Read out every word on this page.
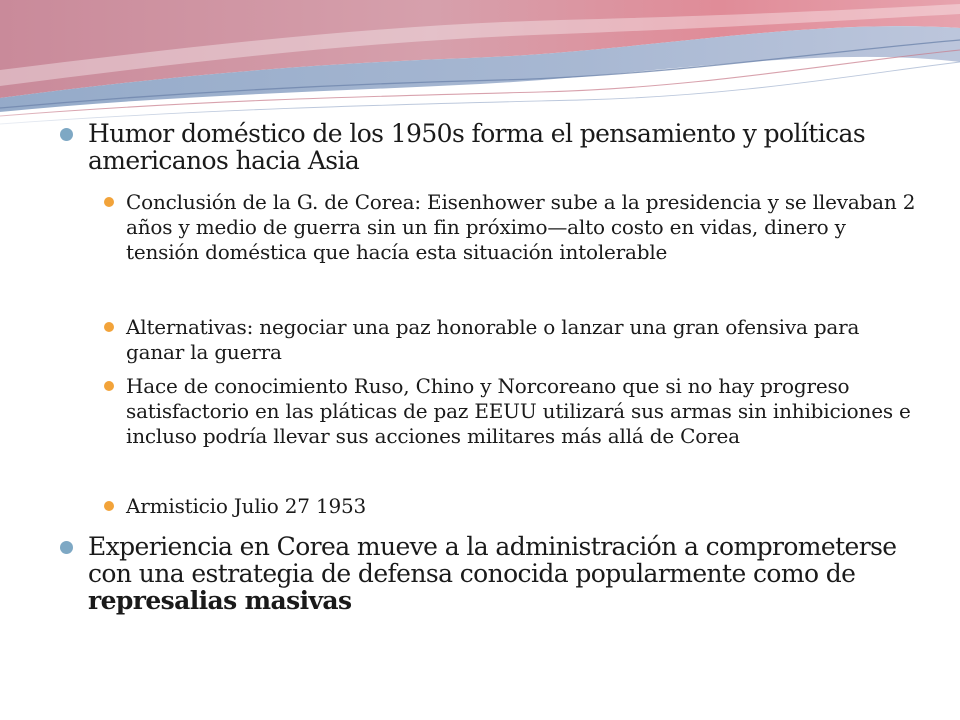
Humor doméstico de los 1950s forma el pensamiento y políticas americanos hacia Asia
Conclusión de la G. de Corea: Eisenhower sube a la presidencia y se llevaban 2 años y medio de guerra sin un fin próximo—alto costo en vidas, dinero y tensión doméstica que hacía esta situación intolerable
Alternativas: negociar una paz honorable o lanzar una gran ofensiva para ganar la guerra
Hace de conocimiento Ruso, Chino y Norcoreano que si no hay progreso satisfactorio en las pláticas de paz EEUU utilizará sus armas sin inhibiciones e incluso podría llevar sus acciones militares más allá de Corea
Armisticio Julio 27 1953
Experiencia en Corea mueve a la administración a comprometerse con una estrategia de defensa conocida popularmente como de represalias masivas
